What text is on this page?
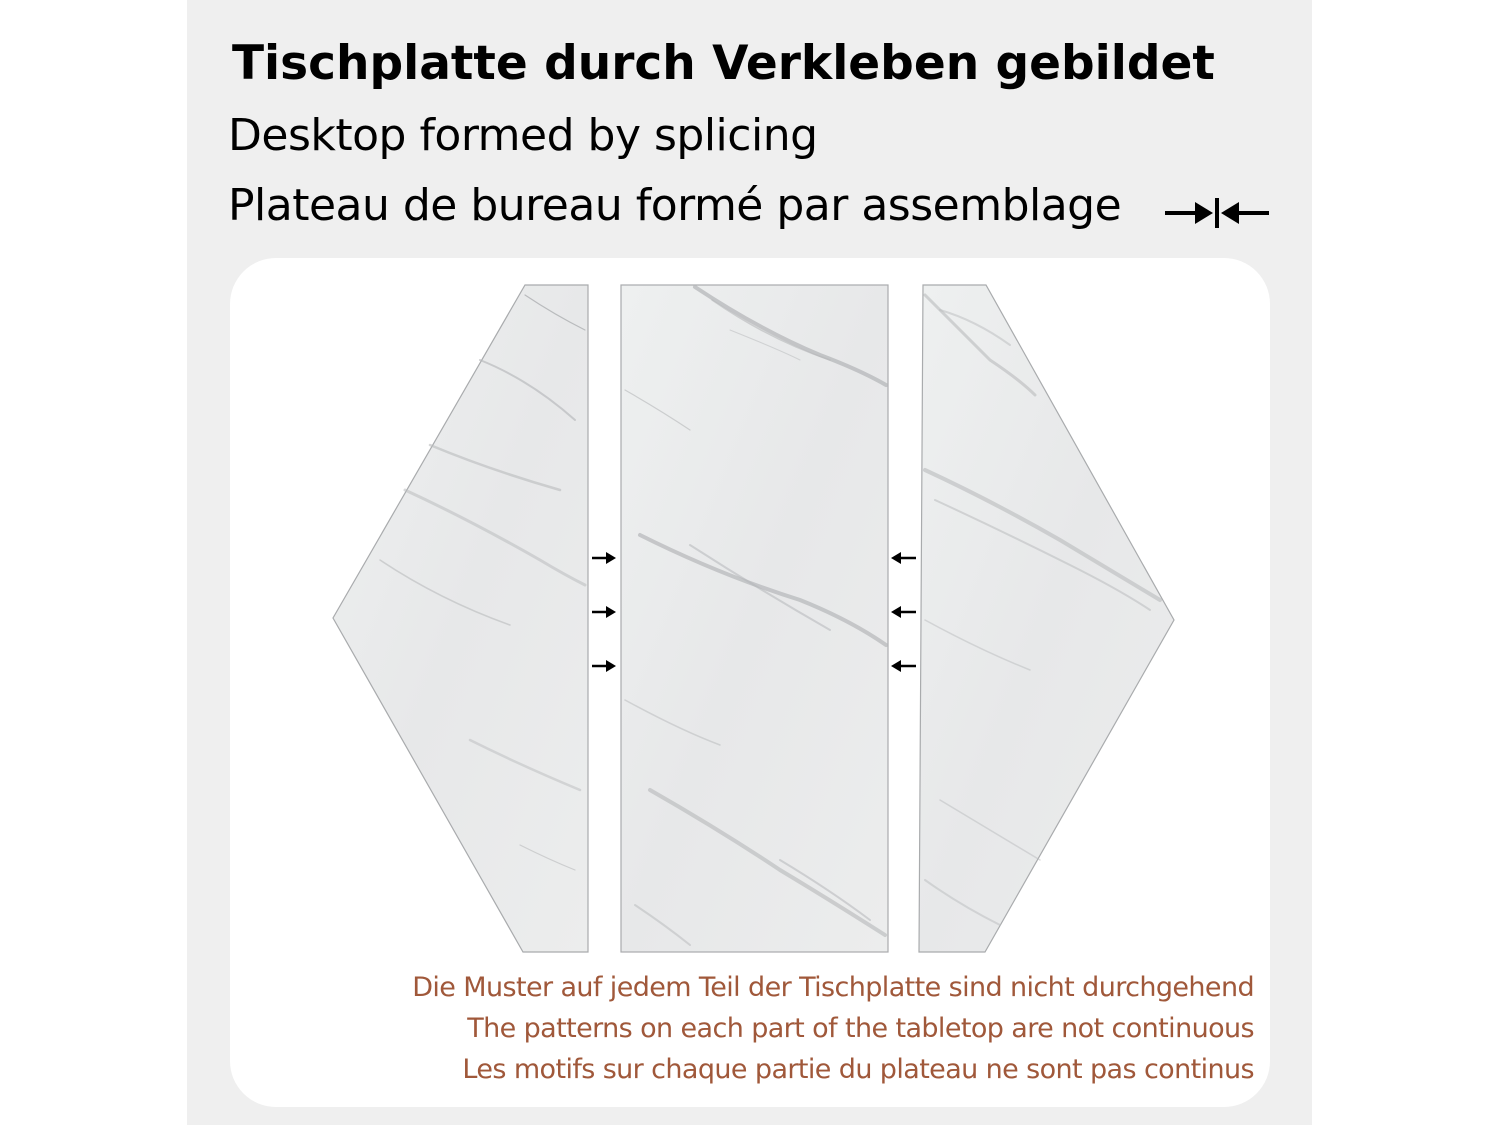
Tischplatte durch Verkleben gebildet
Desktop formed by splicing
Plateau de bureau formé par assemblage
Die Muster auf jedem Teil der Tischplatte sind nicht durchgehend
The patterns on each part of the tabletop are not continuous
Les motifs sur chaque partie du plateau ne sont pas continus
